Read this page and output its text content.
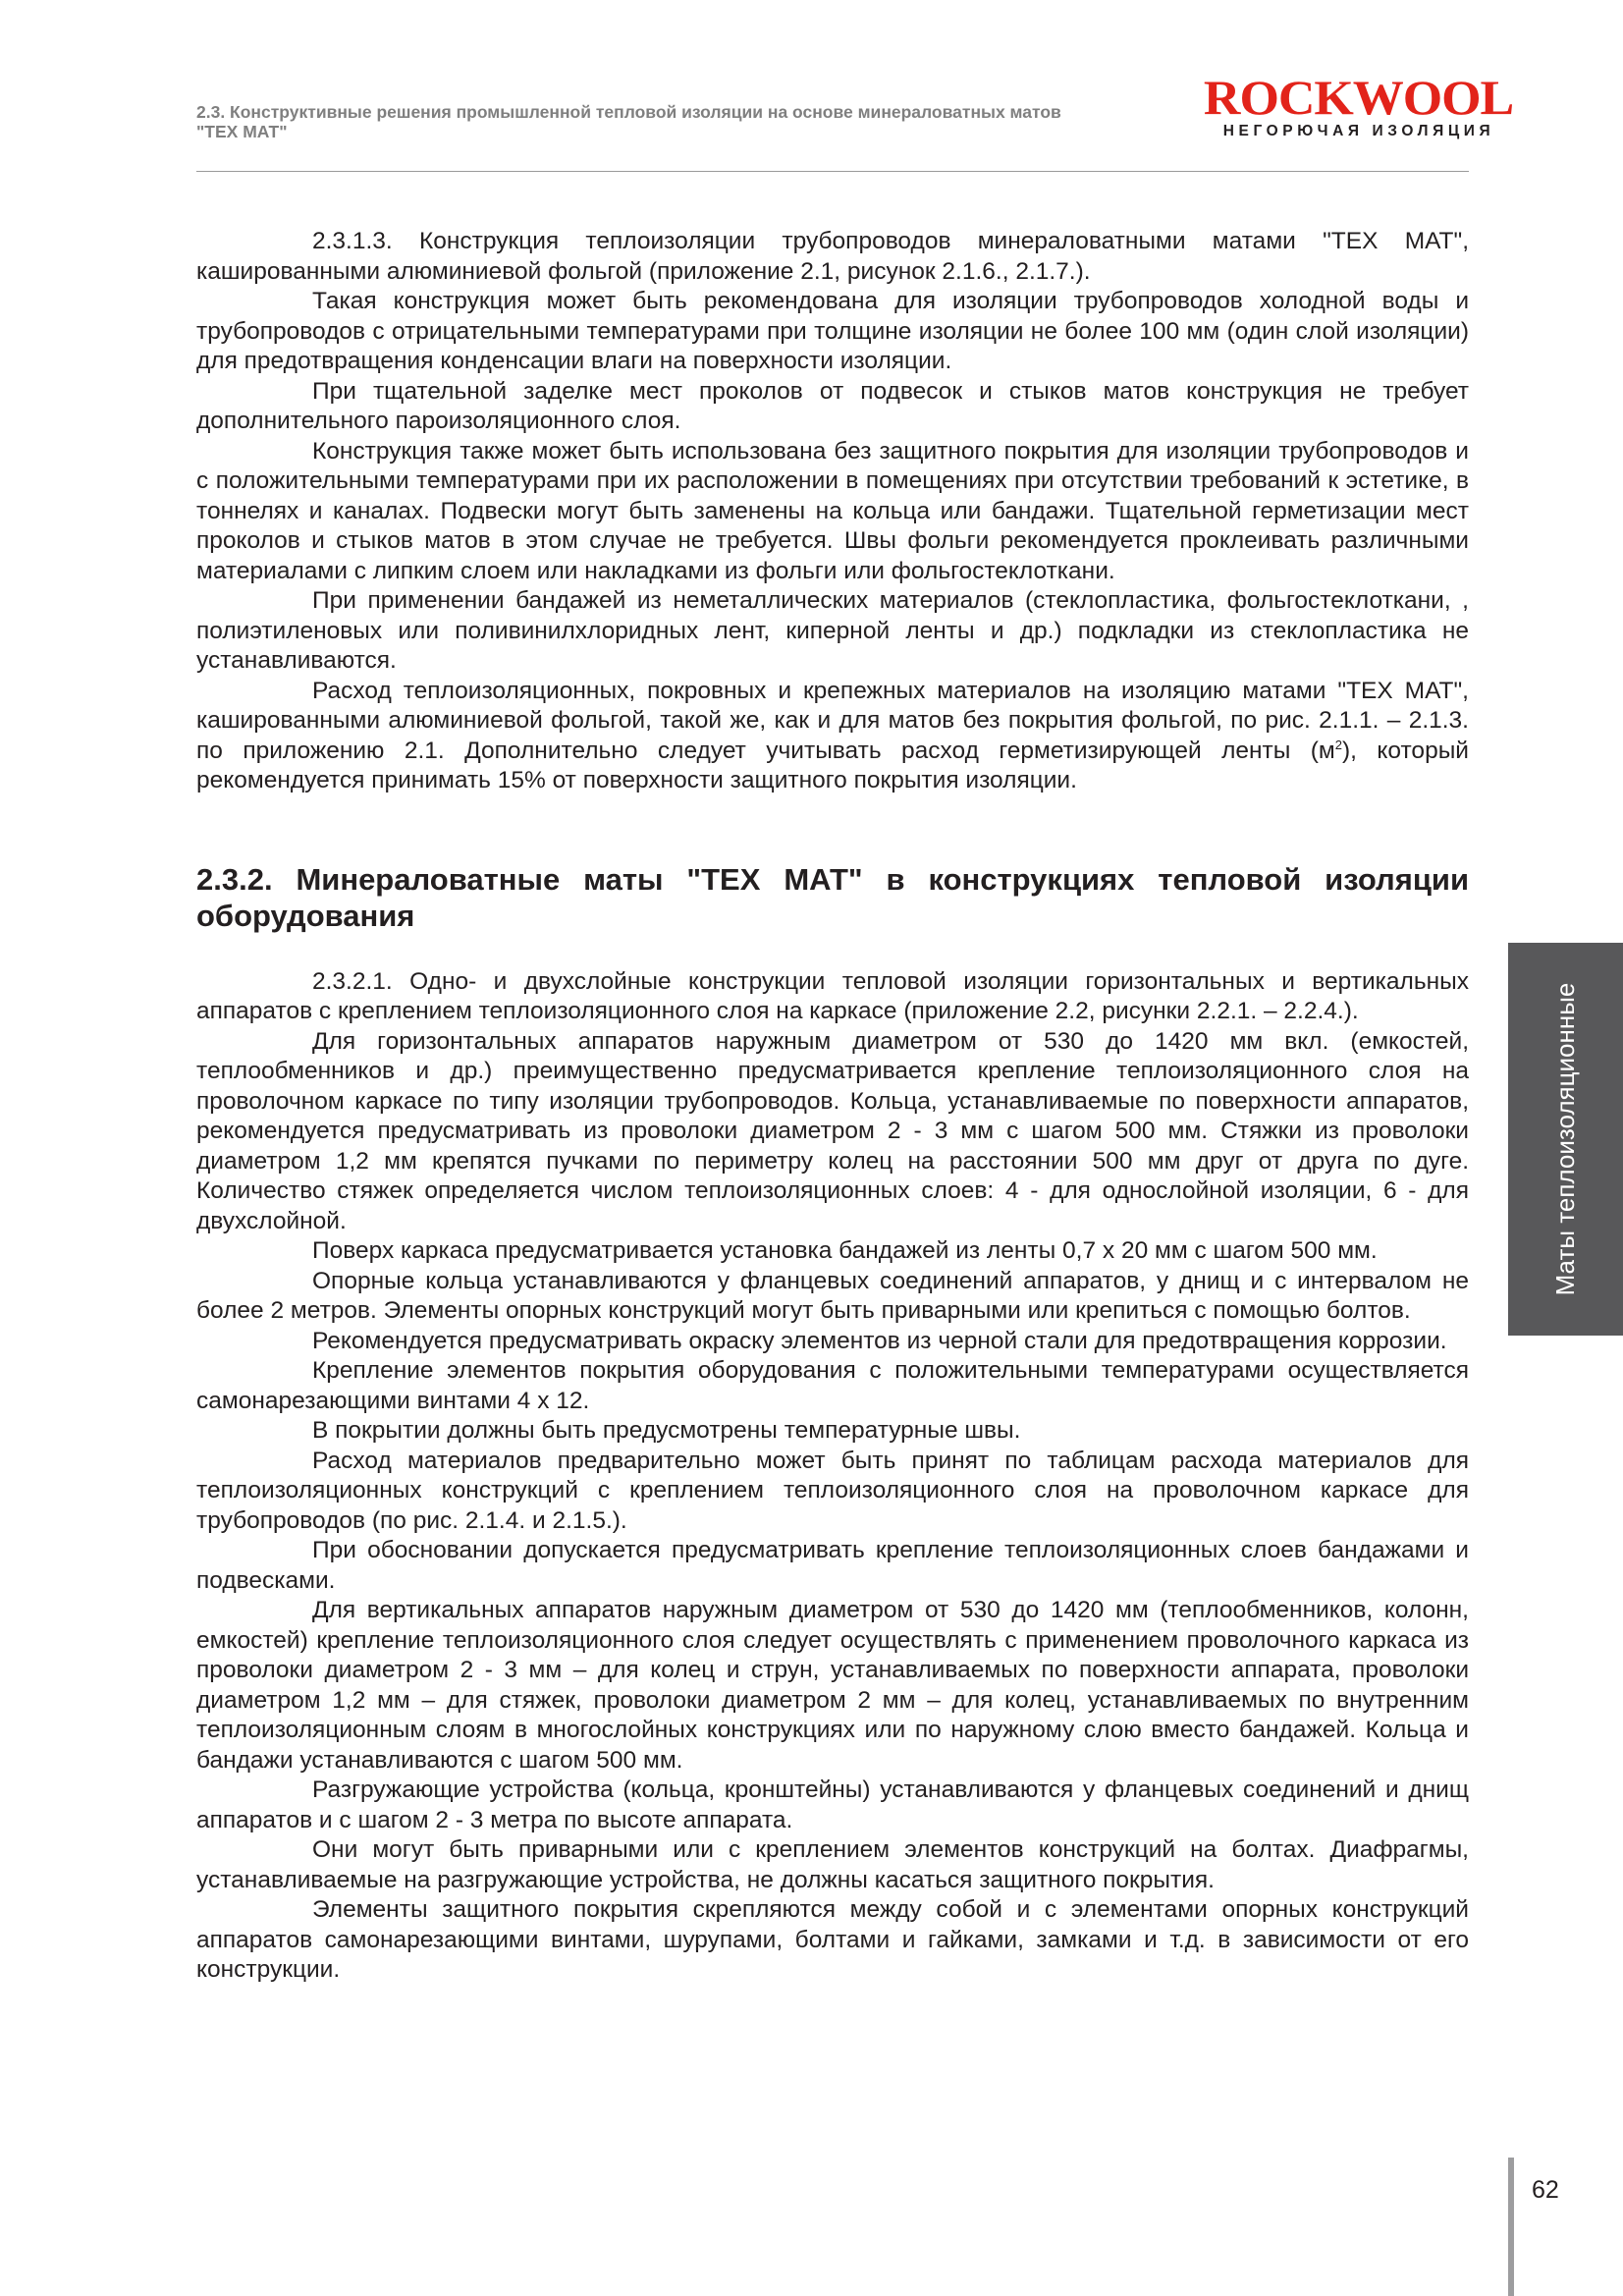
2.3. Конструктивные решения промышленной тепловой изоляции на основе минераловатных матов
"ТЕХ МАТ"
ROCKWOOL
НЕГОРЮЧАЯ ИЗОЛЯЦИЯ

2.3.1.3. Конструкция теплоизоляции трубопроводов минераловатными матами "ТЕХ МАТ", кашированными алюминиевой фольгой (приложение 2.1, рисунок 2.1.6., 2.1.7.).

Такая конструкция может быть рекомендована для изоляции трубопроводов холодной воды и трубопроводов с отрицательными температурами при толщине изоляции не более 100 мм (один слой изоляции) для предотвращения конденсации влаги на поверхности изоляции.

При тщательной заделке мест проколов от подвесок и стыков матов конструкция не требует дополнительного пароизоляционного слоя.

Конструкция также может быть использована без защитного покрытия для изоляции трубопроводов и с положительными температурами при их расположении в помещениях при отсутствии требований к эстетике, в тоннелях и каналах. Подвески могут быть заменены на кольца или бандажи. Тщательной герметизации мест проколов и стыков матов в этом случае не требуется. Швы фольги рекомендуется проклеивать различными материалами с липким слоем или накладками из фольги или фольгостеклоткани.

При применении бандажей из неметаллических материалов (стеклопластика, фольгостеклоткани, , полиэтиленовых или поливинилхлоридных лент, киперной ленты и др.) подкладки из стеклопластика не устанавливаются.

Расход теплоизоляционных, покровных и крепежных материалов на изоляцию матами "ТЕХ МАТ", кашированными алюминиевой фольгой, такой же, как и для матов без покрытия фольгой, по рис. 2.1.1. – 2.1.3. по приложению 2.1. Дополнительно следует учитывать расход герметизирующей ленты $(м^2)$, который рекомендуется принимать 15% от поверхности защитного покрытия изоляции.

2.3.2. Минераловатные маты "ТЕХ МАТ" в конструкциях тепловой изоляции оборудования

2.3.2.1. Одно- и двухслойные конструкции тепловой изоляции горизонтальных и вертикальных аппаратов с креплением теплоизоляционного слоя на каркасе (приложение 2.2, рисунки 2.2.1. – 2.2.4.).

Для горизонтальных аппаратов наружным диаметром от 530 до 1420 мм вкл. (емкостей, теплообменников и др.) преимущественно предусматривается крепление теплоизоляционного слоя на проволочном каркасе по типу изоляции трубопроводов. Кольца, устанавливаемые по поверхности аппаратов, рекомендуется предусматривать из проволоки диаметром 2 - 3 мм с шагом 500 мм. Стяжки из проволоки диаметром 1,2 мм крепятся пучками по периметру колец на расстоянии 500 мм друг от друга по дуге. Количество стяжек определяется числом теплоизоляционных слоев: 4 - для однослойной изоляции, 6 - для двухслойной.

Поверх каркаса предусматривается установка бандажей из ленты 0,7 х 20 мм с шагом 500 мм.

Опорные кольца устанавливаются у фланцевых соединений аппаратов, у днищ и с интервалом не более 2 метров. Элементы опорных конструкций могут быть приварными или крепиться с помощью болтов.

Рекомендуется предусматривать окраску элементов из черной стали для предотвращения коррозии.

Крепление элементов покрытия оборудования с положительными температурами осуществляется самонарезающими винтами 4 х 12.

В покрытии должны быть предусмотрены температурные швы.

Расход материалов предварительно может быть принят по таблицам расхода материалов для теплоизоляционных конструкций с креплением теплоизоляционного слоя на проволочном каркасе для трубопроводов (по рис. 2.1.4. и 2.1.5.).

При обосновании допускается предусматривать крепление теплоизоляционных слоев бандажами и подвесками.

Для вертикальных аппаратов наружным диаметром от 530 до 1420 мм (теплообменников, колонн, емкостей) крепление теплоизоляционного слоя следует осуществлять с применением проволочного каркаса из проволоки диаметром 2 - 3 мм – для колец и струн, устанавливаемых по поверхности аппарата, проволоки диаметром 1,2 мм – для стяжек, проволоки диаметром 2 мм – для колец, устанавливаемых по внутренним теплоизоляционным слоям в многослойных конструкциях или по наружному слою вместо бандажей. Кольца и бандажи устанавливаются с шагом 500 мм.

Разгружающие устройства (кольца, кронштейны) устанавливаются у фланцевых соединений и днищ аппаратов и с шагом 2 - 3 метра по высоте аппарата.

Они могут быть приварными или с креплением элементов конструкций на болтах. Диафрагмы, устанавливаемые на разгружающие устройства, не должны касаться защитного покрытия.

Элементы защитного покрытия скрепляются между собой и с элементами опорных конструкций аппаратов самонарезающими винтами, шурупами, болтами и гайками, замками и т.д. в зависимости от его конструкции.

Маты теплоизоляционные
62
